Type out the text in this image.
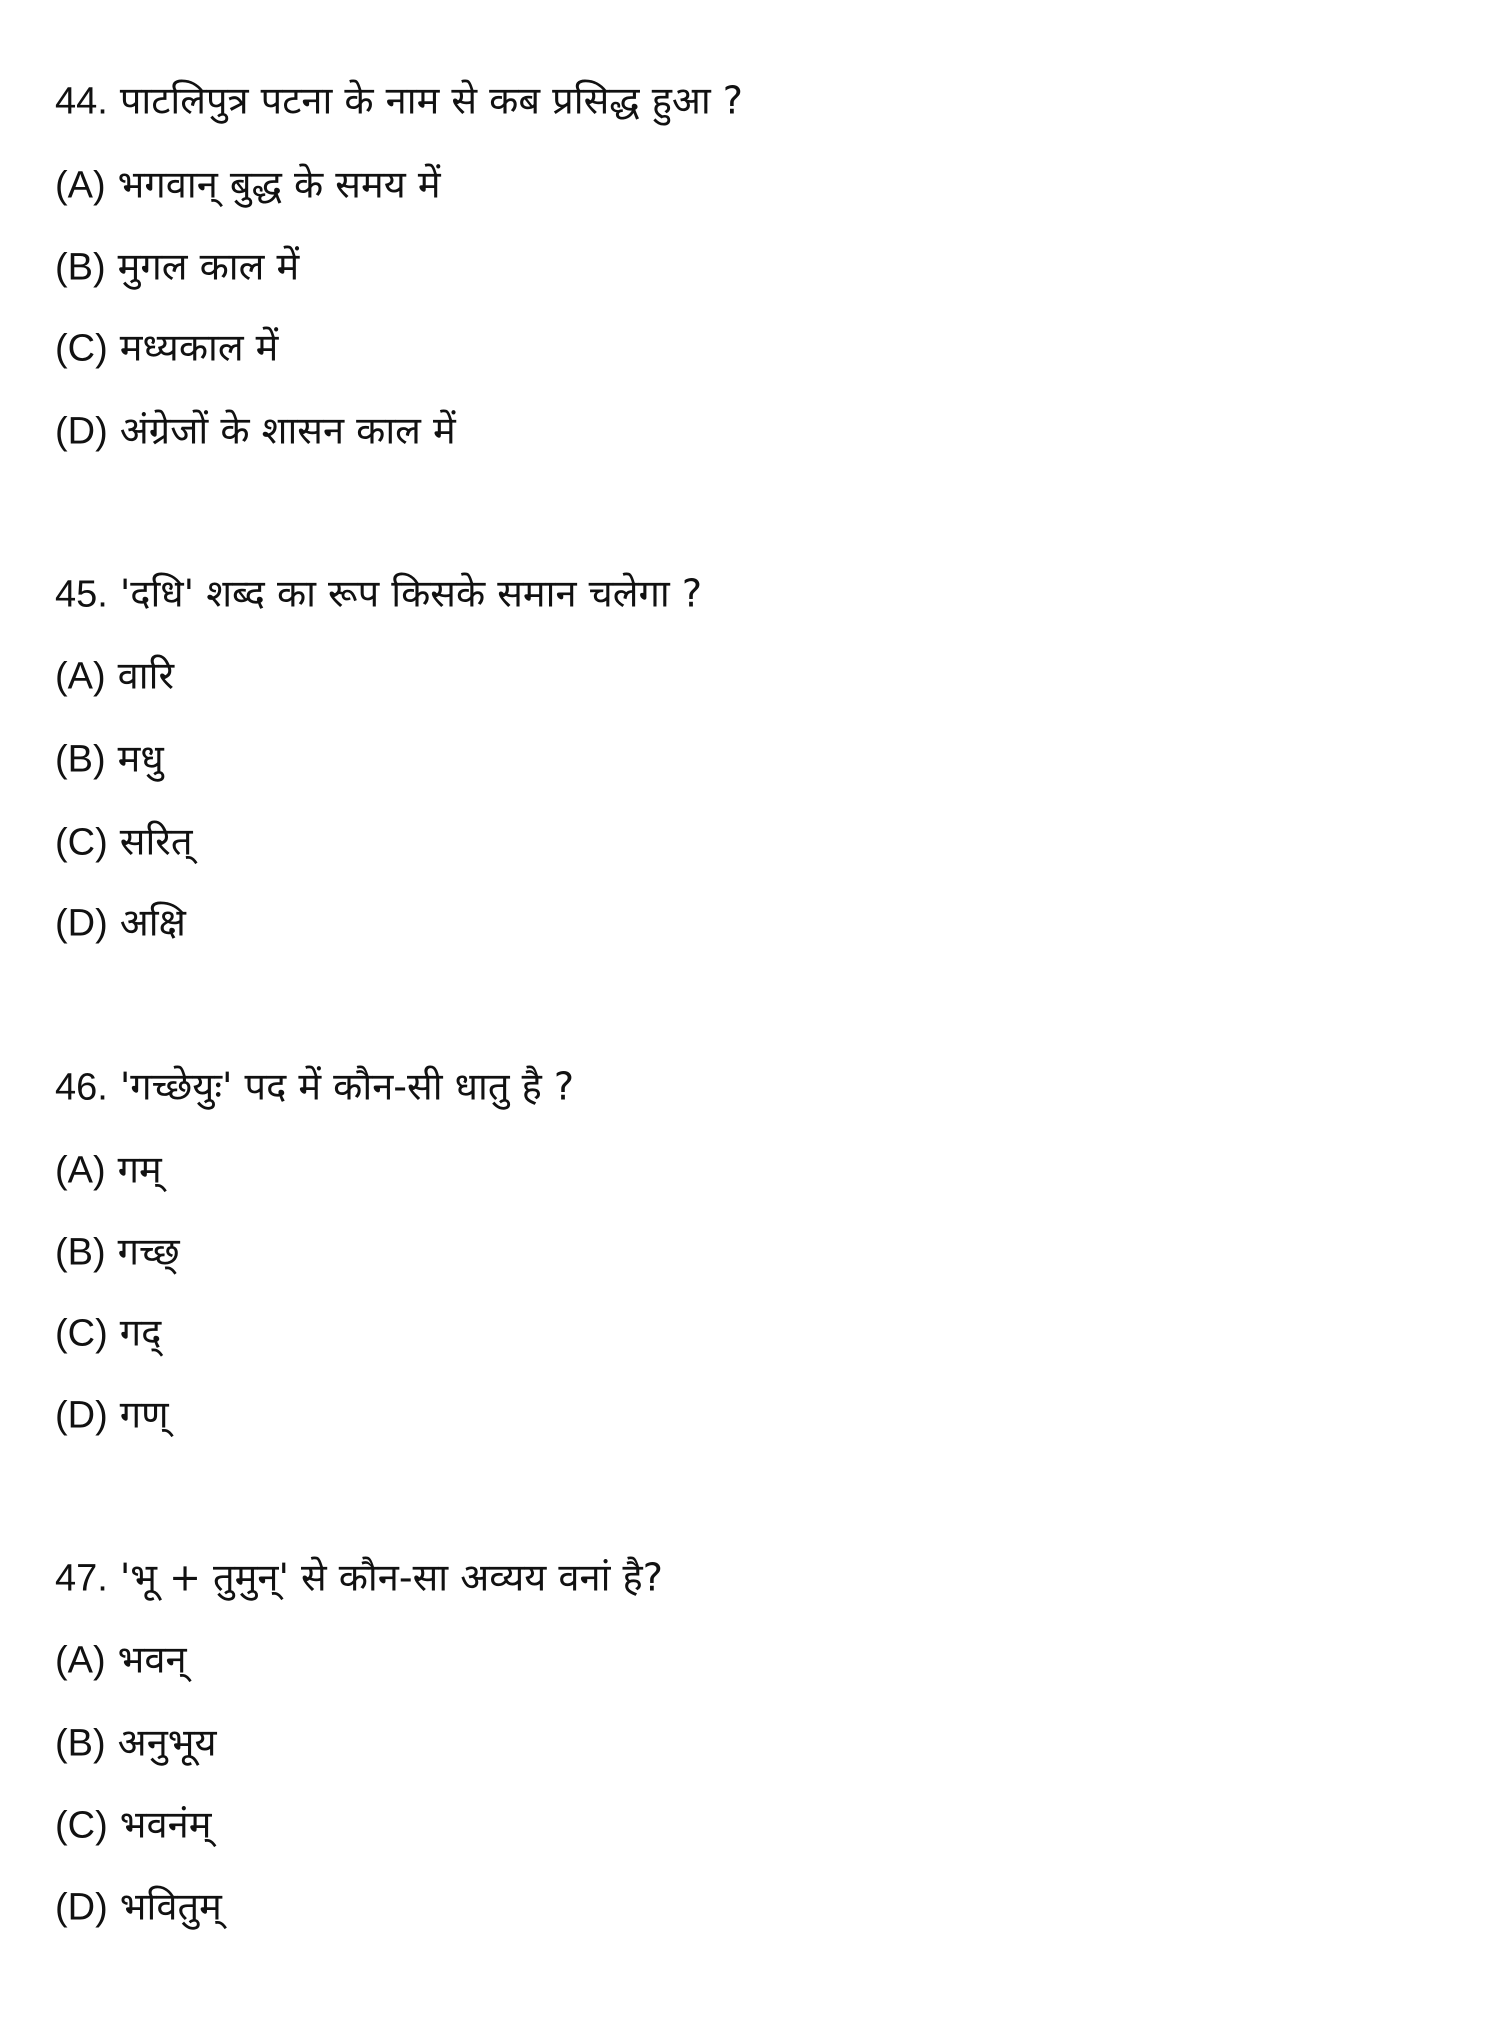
44. पाटलिपुत्र पटना के नाम से कब प्रसिद्ध हुआ ?
(A) भगवान् बुद्ध के समय में
(B) मुगल काल में
(C) मध्यकाल में
(D) अंग्रेजों के शासन काल में
45. 'दधि' शब्द का रूप किसके समान चलेगा ?
(A) वारि
(B) मधु
(C) सरित्
(D) अक्षि
46. 'गच्छेयुः' पद में कौन-सी धातु है ?
(A) गम्
(B) गच्छ्
(C) गद्
(D) गण्
47. 'भू + तुमुन्' से कौन-सा अव्यय वनां है?
(A) भवन्
(B) अनुभूय
(C) भवनंम्
(D) भवितुम्
